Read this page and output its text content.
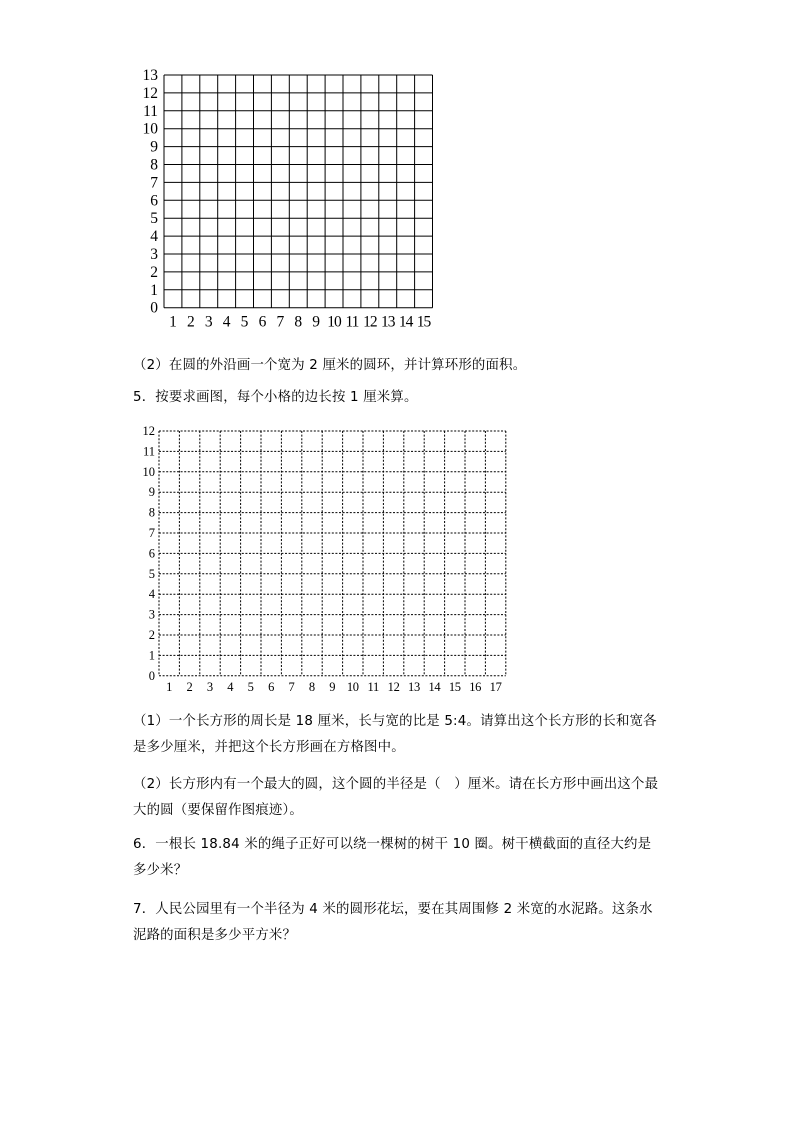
0
1
2
3
4
5
6
7
8
9
10
11
12
13
1 2 3 4 5 6 7 8 9 10 11 12 13 14 15

（2）在圆的外沿画一个宽为 2 厘米的圆环，并计算环形的面积。

5．按要求画图，每个小格的边长按 1 厘米算。

0
1
2
3
4
5
6
7
8
9
10
11
12
1 2 3 4 5 6 7 8 9 10 11 12 13 14 15 16 17

（1）一个长方形的周长是 18 厘米，长与宽的比是 5:4。请算出这个长方形的长和宽各是多少厘米，并把这个长方形画在方格图中。

（2）长方形内有一个最大的圆，这个圆的半径是（　）厘米。请在长方形中画出这个最大的圆（要保留作图痕迹）。

6．一根长 18.84 米的绳子正好可以绕一棵树的树干 10 圈。树干横截面的直径大约是多少米？

7．人民公园里有一个半径为 4 米的圆形花坛，要在其周围修 2 米宽的水泥路。这条水泥路的面积是多少平方米？
